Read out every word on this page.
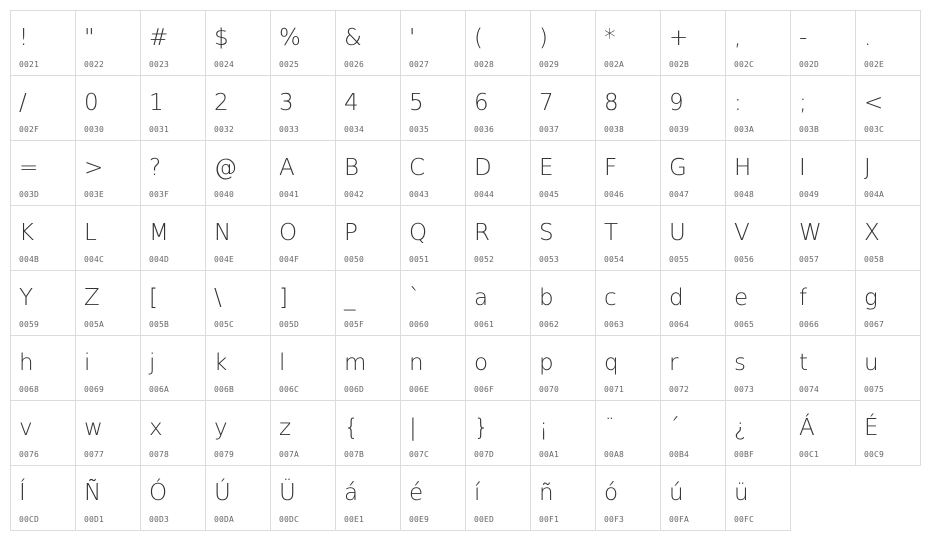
!
0021
"
0022
#
0023
$
0024
%
0025
&
0026
'
0027
(
0028
)
0029
*
002A
+
002B
,
002C
-
002D
.
002E
/
002F
0
0030
1
0031
2
0032
3
0033
4
0034
5
0035
6
0036
7
0037
8
0038
9
0039
:
003A
;
003B
<
003C
=
003D
>
003E
?
003F
@
0040
A
0041
B
0042
C
0043
D
0044
E
0045
F
0046
G
0047
H
0048
I
0049
J
004A
K
004B
L
004C
M
004D
N
004E
O
004F
P
0050
Q
0051
R
0052
S
0053
T
0054
U
0055
V
0056
W
0057
X
0058
Y
0059
Z
005A
[
005B
\
005C
]
005D
_
005F
`
0060
a
0061
b
0062
c
0063
d
0064
e
0065
f
0066
g
0067
h
0068
i
0069
j
006A
k
006B
l
006C
m
006D
n
006E
o
006F
p
0070
q
0071
r
0072
s
0073
t
0074
u
0075
v
0076
w
0077
x
0078
y
0079
z
007A
{
007B
|
007C
}
007D
¡
00A1
¨
00A8
´
00B4
¿
00BF
Á
00C1
É
00C9
Í
00CD
Ñ
00D1
Ó
00D3
Ú
00DA
Ü
00DC
á
00E1
é
00E9
í
00ED
ñ
00F1
ó
00F3
ú
00FA
ü
00FC
